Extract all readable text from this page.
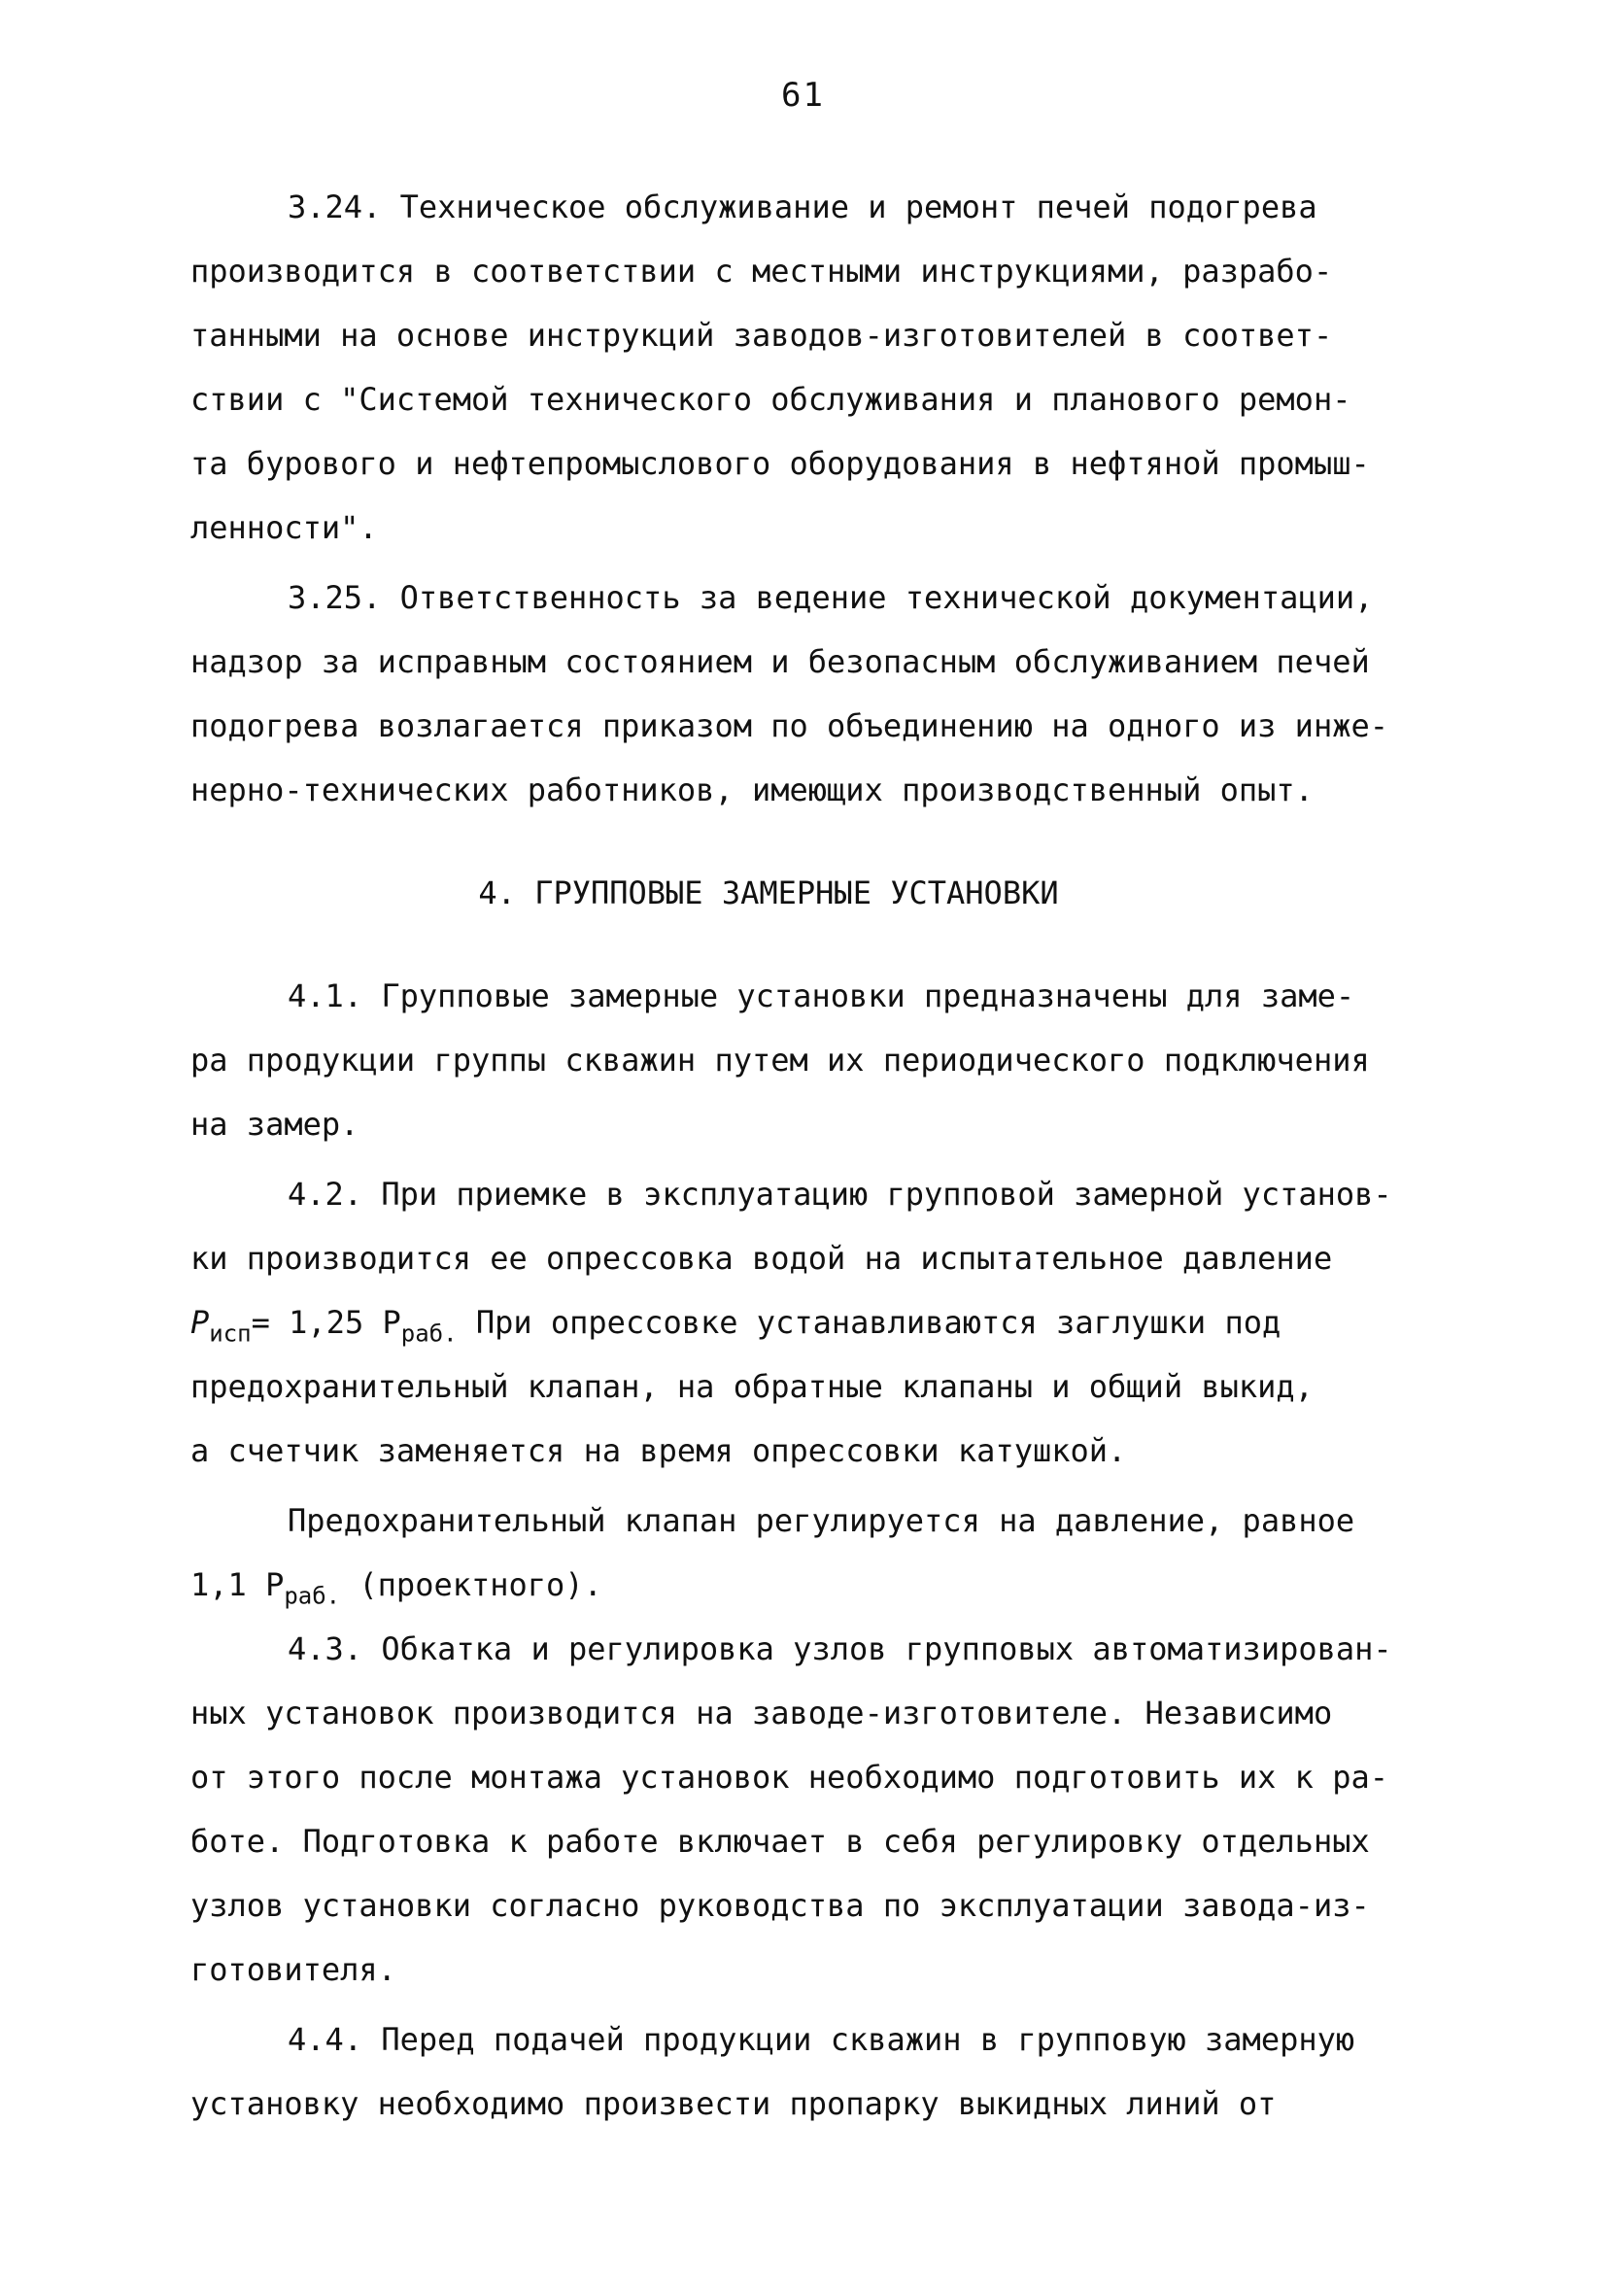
61
3.24. Техническое обслуживание и ремонт печей подогрева
производится в соответствии с местными инструкциями, разрабо-
танными на основе инструкций заводов-изготовителей в соответ-
ствии с "Системой технического обслуживания и планового ремон-
та бурового и нефтепромыслового оборудования в нефтяной промыш-
ленности".
3.25. Ответственность за ведение технической документации,
надзор за исправным состоянием и безопасным обслуживанием печей
подогрева возлагается приказом по объединению на одного из инже-
нерно-технических работников, имеющих производственный опыт.
4. ГРУППОВЫЕ ЗАМЕРНЫЕ УСТАНОВКИ
4.1. Групповые замерные установки предназначены для заме-
ра продукции группы скважин путем их периодического подключения
на замер.
4.2. При приемке в эксплуатацию групповой замерной установ-
ки производится ее опрессовка водой на испытательное давление
$P_{исп}= 1,25$ $P_{раб.}$ При опрессовке устанавливаются заглушки под
предохранительный клапан, на обратные клапаны и общий выкид,
а счетчик заменяется на время опрессовки катушкой.
Предохранительный клапан регулируется на давление, равное
1,1 $P_{раб.}$ (проектного).
4.3. Обкатка и регулировка узлов групповых автоматизирован-
ных установок производится на заводе-изготовителе. Независимо
от этого после монтажа установок необходимо подготовить их к ра-
боте. Подготовка к работе включает в себя регулировку отдельных
узлов установки согласно руководства по эксплуатации завода-из-
готовителя.
4.4. Перед подачей продукции скважин в групповую замерную
установку необходимо произвести пропарку выкидных линий от
